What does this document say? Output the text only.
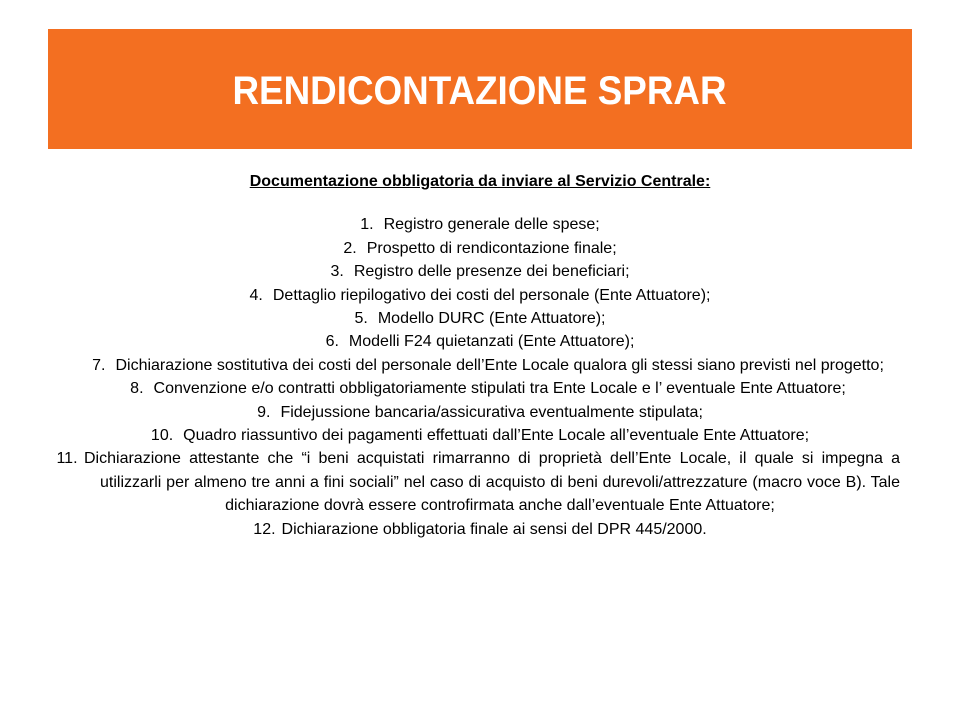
RENDICONTAZIONE SPRAR

Documentazione obbligatoria da inviare al Servizio Centrale:

1. Registro generale delle spese;
2. Prospetto di rendicontazione finale;
3. Registro delle presenze dei beneficiari;
4. Dettaglio riepilogativo dei costi del personale (Ente Attuatore);
5. Modello DURC (Ente Attuatore);
6. Modelli F24 quietanzati (Ente Attuatore);
7. Dichiarazione sostitutiva dei costi del personale dell’Ente Locale qualora gli stessi siano previsti nel progetto;
8. Convenzione e/o contratti obbligatoriamente stipulati tra Ente Locale e l’ eventuale Ente Attuatore;
9. Fidejussione bancaria/assicurativa eventualmente stipulata;
10. Quadro riassuntivo dei pagamenti effettuati dall’Ente Locale all’eventuale Ente Attuatore;
11. Dichiarazione attestante che “i beni acquistati rimarranno di proprietà dell’Ente Locale, il quale si impegna a utilizzarli per almeno tre anni a fini sociali” nel caso di acquisto di beni durevoli/attrezzature (macro voce B). Tale dichiarazione dovrà essere controfirmata anche dall’eventuale Ente Attuatore;
12. Dichiarazione obbligatoria finale ai sensi del DPR 445/2000.
